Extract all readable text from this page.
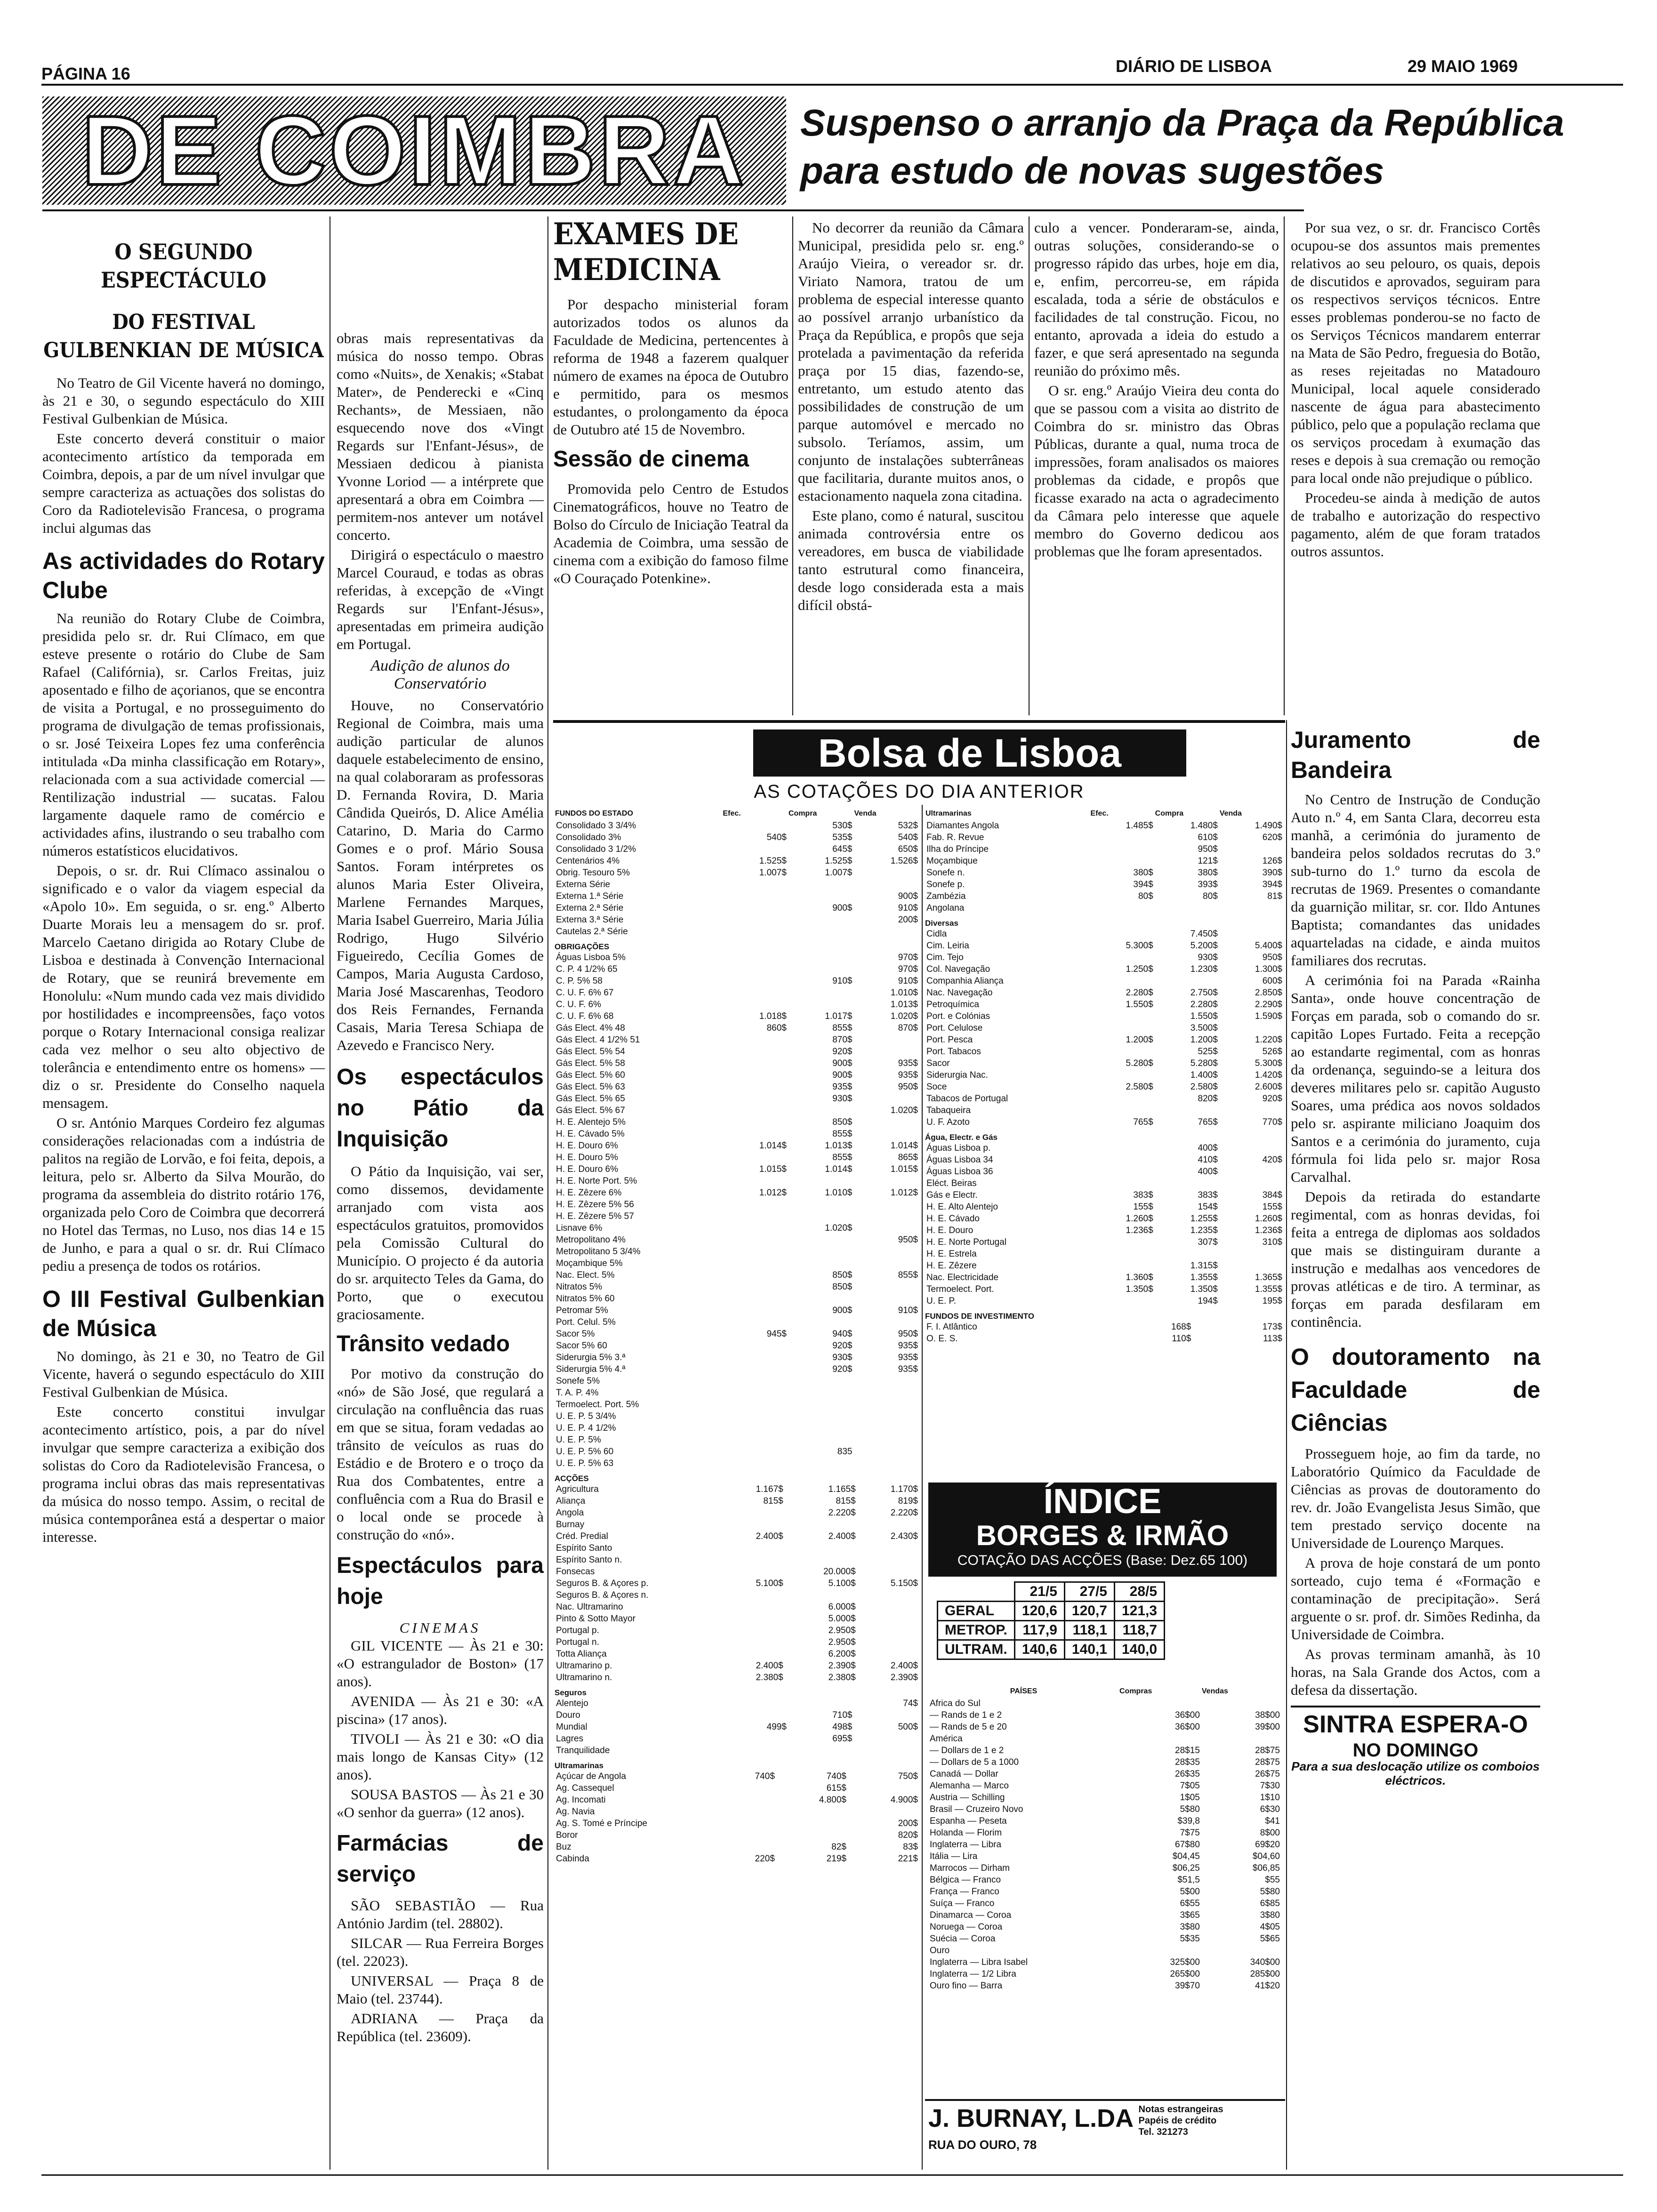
PÁGINA 16	DIÁRIO DE LISBOA	29 MAIO 1969
DE COIMBRA	Suspenso o arranjo da Praça da República
para estudo de novas sugestões
O SEGUNDO ESPECTÁCULO
DO FESTIVAL GULBENKIAN DE MÚSICA

No Teatro de Gil Vicente haverá no domingo, às 21 e 30, o segundo espectáculo do XIII Festival Gulbenkian de Música.

Este concerto deverá constituir o maior acontecimento artístico da temporada em Coimbra, depois, a par de um nível invulgar que sempre caracteriza as actuações dos solistas do Coro da Radiotelevisão Francesa, o programa inclui algumas das

As actividades do Rotary Clube

Na reunião do Rotary Clube de Coimbra, presidida pelo sr. dr. Rui Clímaco, em que esteve presente o rotário do Clube de Sam Rafael (Califórnia), sr. Carlos Freitas, juiz aposentado e filho de açorianos, que se encontra de visita a Portugal, e no prosseguimento do programa de divulgação de temas profissionais, o sr. José Teixeira Lopes fez uma conferência intitulada «Da minha classificação em Rotary», relacionada com a sua actividade comercial — Rentilização industrial — sucatas. Falou largamente daquele ramo de comércio e actividades afins, ilustrando o seu trabalho com números estatísticos elucidativos.

Depois, o sr. dr. Rui Clímaco assinalou o significado e o valor da viagem especial da «Apolo 10». Em seguida, o sr. eng.º Alberto Duarte Morais leu a mensagem do sr. prof. Marcelo Caetano dirigida ao Rotary Clube de Lisboa e destinada à Convenção Internacional de Rotary, que se reunirá brevemente em Honolulu: «Num mundo cada vez mais dividido por hostilidades e incompreensões, faço votos porque o Rotary Internacional consiga realizar cada vez melhor o seu alto objectivo de tolerância e entendimento entre os homens» — diz o sr. Presidente do Conselho naquela mensagem.

O sr. António Marques Cordeiro fez algumas considerações relacionadas com a indústria de palitos na região de Lorvão, e foi feita, depois, a leitura, pelo sr. Alberto da Silva Mourão, do programa da assembleia do distrito rotário 176, organizada pelo Coro de Coimbra que decorrerá no Hotel das Termas, no Luso, nos dias 14 e 15 de Junho, e para a qual o sr. dr. Rui Clímaco pediu a presença de todos os rotários.

O III Festival Gulbenkian de Música

No domingo, às 21 e 30, no Teatro de Gil Vicente, haverá o segundo espectáculo do XIII Festival Gulbenkian de Música.

Este concerto constitui invulgar acontecimento artístico, pois, a par do nível invulgar que sempre caracteriza a exibição dos solistas do Coro da Radiotelevisão Francesa, o programa inclui obras das mais representativas da música do nosso tempo. Assim, o recital de música contemporânea está a despertar o maior interesse.

obras mais representativas da música do nosso tempo. Obras como «Nuits», de Xenakis; «Stabat Mater», de Penderecki e «Cinq Rechants», de Messiaen, não esquecendo nove dos «Vingt Regards sur l'Enfant-Jésus», de Messiaen dedicou à pianista Yvonne Loriod — a intérprete que apresentará a obra em Coimbra — permitem-nos antever um notável concerto.

Dirigirá o espectáculo o maestro Marcel Couraud, e todas as obras referidas, à excepção de «Vingt Regards sur l'Enfant-Jésus», apresentadas em primeira audição em Portugal.

Audição de alunos do Conservatório

Houve, no Conservatório Regional de Coimbra, mais uma audição particular de alunos daquele estabelecimento de ensino, na qual colaboraram as professoras D. Fernanda Rovira, D. Maria Cândida Queirós, D. Alice Amélia Catarino, D. Maria do Carmo Gomes e o prof. Mário Sousa Santos. Foram intérpretes os alunos Maria Ester Oliveira, Marlene Fernandes Marques, Maria Isabel Guerreiro, Maria Júlia Rodrigo, Hugo Silvério Figueiredo, Cecília Gomes de Campos, Maria Augusta Cardoso, Maria José Mascarenhas, Teodoro dos Reis Fernandes, Fernanda Casais, Maria Teresa Schiapa de Azevedo e Francisco Nery.

Os espectáculos no Pátio da Inquisição

O Pátio da Inquisição, vai ser, como dissemos, devidamente arranjado com vista aos espectáculos gratuitos, promovidos pela Comissão Cultural do Município. O projecto é da autoria do sr. arquitecto Teles da Gama, do Porto, que o executou graciosamente.

Trânsito vedado

Por motivo da construção do «nó» de São José, que regulará a circulação na confluência das ruas em que se situa, foram vedadas ao trânsito de veículos as ruas do Estádio e de Brotero e o troço da Rua dos Combatentes, entre a confluência com a Rua do Brasil e o local onde se procede à construção do «nó».

Espectáculos para hoje
CINEMAS

GIL VICENTE — Às 21 e 30: «O estrangulador de Boston» (17 anos).

AVENIDA — Às 21 e 30: «A piscina» (17 anos).

TIVOLI — Às 21 e 30: «O dia mais longo de Kansas City» (12 anos).

SOUSA BASTOS — Às 21 e 30 «O senhor da guerra» (12 anos).

Farmácias de serviço

SÃO SEBASTIÃO — Rua António Jardim (tel. 28802).

SILCAR — Rua Ferreira Borges (tel. 22023).

UNIVERSAL — Praça 8 de Maio (tel. 23744).

ADRIANA — Praça da República (tel. 23609).

EXAMES DE MEDICINA

Por despacho ministerial foram autorizados todos os alunos da Faculdade de Medicina, pertencentes à reforma de 1948 a fazerem qualquer número de exames na época de Outubro e permitido, para os mesmos estudantes, o prolongamento da época de Outubro até 15 de Novembro.

Sessão de cinema

Promovida pelo Centro de Estudos Cinematográficos, houve no Teatro de Bolso do Círculo de Iniciação Teatral da Academia de Coimbra, uma sessão de cinema com a exibição do famoso filme «O Couraçado Potenkine».

No decorrer da reunião da Câmara Municipal, presidida pelo sr. eng.º Araújo Vieira, o vereador sr. dr. Viriato Namora, tratou de um problema de especial interesse quanto ao possível arranjo urbanístico da Praça da República, e propôs que seja protelada a pavimentação da referida praça por 15 dias, fazendo-se, entretanto, um estudo atento das possibilidades de construção de um parque automóvel e mercado no subsolo. Teríamos, assim, um conjunto de instalações subterrâneas que facilitaria, durante muitos anos, o estacionamento naquela zona citadina.

Este plano, como é natural, suscitou animada controvérsia entre os vereadores, em busca de viabilidade tanto estrutural como financeira, desde logo considerada esta a mais difícil obstá-

culo a vencer. Ponderaram-se, ainda, outras soluções, considerando-se o progresso rápido das urbes, hoje em dia, e, enfim, percorreu-se, em rápida escalada, toda a série de obstáculos e facilidades de tal construção. Ficou, no entanto, aprovada a ideia do estudo a fazer, e que será apresentado na segunda reunião do próximo mês.

O sr. eng.º Araújo Vieira deu conta do que se passou com a visita ao distrito de Coimbra do sr. ministro das Obras Públicas, durante a qual, numa troca de impressões, foram analisados os maiores problemas da cidade, e propôs que ficasse exarado na acta o agradecimento da Câmara pelo interesse que aquele membro do Governo dedicou aos problemas que lhe foram apresentados.

Por sua vez, o sr. dr. Francisco Cortês ocupou-se dos assuntos mais prementes relativos ao seu pelouro, os quais, depois de discutidos e aprovados, seguiram para os respectivos serviços técnicos. Entre esses problemas ponderou-se no facto de os Serviços Técnicos mandarem enterrar na Mata de São Pedro, freguesia do Botão, as reses rejeitadas no Matadouro Municipal, local aquele considerado nascente de água para abastecimento público, pelo que a população reclama que os serviços procedam à exumação das reses e depois à sua cremação ou remoção para local onde não prejudique o público.

Procedeu-se ainda à medição de autos de trabalho e autorização do respectivo pagamento, além de que foram tratados outros assuntos.

Juramento de Bandeira

No Centro de Instrução de Condução Auto n.º 4, em Santa Clara, decorreu esta manhã, a cerimónia do juramento de bandeira pelos soldados recrutas do 3.º sub-turno do 1.º turno da escola de recrutas de 1969. Presentes o comandante da guarnição militar, sr. cor. Ildo Antunes Baptista; comandantes das unidades aquarteladas na cidade, e ainda muitos familiares dos recrutas.

A cerimónia foi na Parada «Rainha Santa», onde houve concentração de Forças em parada, sob o comando do sr. capitão Lopes Furtado. Feita a recepção ao estandarte regimental, com as honras da ordenança, seguindo-se a leitura dos deveres militares pelo sr. capitão Augusto Soares, uma prédica aos novos soldados pelo sr. aspirante miliciano Joaquim dos Santos e a cerimónia do juramento, cuja fórmula foi lida pelo sr. major Rosa Carvalhal.

Depois da retirada do estandarte regimental, com as honras devidas, foi feita a entrega de diplomas aos soldados que mais se distinguiram durante a instrução e medalhas aos vencedores de provas atléticas e de tiro. A terminar, as forças em parada desfilaram em continência.

O doutoramento na Faculdade de Ciências

Prosseguem hoje, ao fim da tarde, no Laboratório Químico da Faculdade de Ciências as provas de doutoramento do rev. dr. João Evangelista Jesus Simão, que tem prestado serviço docente na Universidade de Lourenço Marques.

A prova de hoje constará de um ponto sorteado, cujo tema é «Formação e contaminação de precipitação». Será arguente o sr. prof. dr. Simões Redinha, da Universidade de Coimbra.

As provas terminam amanhã, às 10 horas, na Sala Grande dos Actos, com a defesa da dissertação.

SINTRA ESPERA-O
NO DOMINGO
Para a sua deslocação utilize os comboios eléctricos.
Bolsa de Lisboa
AS COTAÇÕES DO DIA ANTERIOR
FUNDOS DO ESTADO	Efec.	Compra	Venda
Consolidado 3 3/4%		530$	532$
Consolidado 3%	540$	535$	540$
Consolidado 3 1/2%		645$	650$
Centenários 4%	1.525$	1.525$	1.526$
Obrig. Tesouro 5%	1.007$	1.007$	
Externa Série			
Externa 1.ª Série			900$
Externa 2.ª Série		900$	910$
Externa 3.ª Série			200$
Cautelas 2.ª Série			
OBRIGAÇÕES
Águas Lisboa 5%			970$
C. P. 4 1/2% 65			970$
C. P. 5% 58		910$	910$
C. U. F. 6% 67			1.010$
C. U. F. 6%			1.013$
C. U. F. 6% 68	1.018$	1.017$	1.020$
Gás Elect. 4% 48	860$	855$	870$
Gás Elect. 4 1/2% 51		870$	
Gás Elect. 5% 54		920$	
Gás Elect. 5% 58		900$	935$
Gás Elect. 5% 60		900$	935$
Gás Elect. 5% 63		935$	950$
Gás Elect. 5% 65		930$	
Gás Elect. 5% 67			1.020$
H. E. Alentejo 5%		850$	
H. E. Cávado 5%		855$	
H. E. Douro 6%	1.014$	1.013$	1.014$
H. E. Douro 5%		855$	865$
H. E. Douro 6%	1.015$	1.014$	1.015$
H. E. Norte Port. 5%			
H. E. Zêzere 6%	1.012$	1.010$	1.012$
H. E. Zêzere 5% 56			
H. E. Zêzere 5% 57			
Lisnave 6%		1.020$	
Metropolitano 4%			950$
Metropolitano 5 3/4%			
Moçambique 5%			
Nac. Elect. 5%		850$	855$
Nitratos 5%		850$	
Nitratos 5% 60			
Petromar 5%		900$	910$
Port. Celul. 5%			
Sacor 5%	945$	940$	950$
Sacor 5% 60		920$	935$
Siderurgia 5% 3.ª		930$	935$
Siderurgia 5% 4.ª		920$	935$
Sonefe 5%			
T. A. P. 4%			
Termoelect. Port. 5%			
U. E. P. 5 3/4%			
U. E. P. 4 1/2%			
U. E. P. 5%			
U. E. P. 5% 60		835	
U. E. P. 5% 63			
ACÇÕES
Agricultura	1.167$	1.165$	1.170$
Aliança	815$	815$	819$
Angola		2.220$	2.220$
Burnay			
Créd. Predial	2.400$	2.400$	2.430$
Espírito Santo			
Espírito Santo n.			
Fonsecas		20.000$	
Seguros B. & Açores p.	5.100$	5.100$	5.150$
Seguros B. & Açores n.			
Nac. Ultramarino		6.000$	
Pinto & Sotto Mayor		5.000$	
Portugal p.		2.950$	
Portugal n.		2.950$	
Totta Aliança		6.200$	
Ultramarino p.	2.400$	2.390$	2.400$
Ultramarino n.	2.380$	2.380$	2.390$
Seguros
Alentejo			74$
Douro		710$	
Mundial	499$	498$	500$
Lagres		695$	
Tranquilidade			
Ultramarinas
Açúcar de Angola	740$	740$	750$
Ag. Cassequel		615$	
Ag. Incomati		4.800$	4.900$
Ag. Navia			
Ag. S. Tomé e Príncipe			200$
Boror			820$
Buz		82$	83$
Cabinda	220$	219$	221$
Ultramarinas	Efec.	Compra	Venda
Diamantes Angola	1.485$	1.480$	1.490$
Fab. R. Revue		610$	620$
Ilha do Príncipe		950$	
Moçambique		121$	126$
Sonefe n.	380$	380$	390$
Sonefe p.	394$	393$	394$
Zambézia	80$	80$	81$
Angolana			
Diversas
Cidla		7.450$	
Cim. Leiria	5.300$	5.200$	5.400$
Cim. Tejo		930$	950$
Col. Navegação	1.250$	1.230$	1.300$
Companhia Aliança			600$
Nac. Navegação	2.280$	2.750$	2.850$
Petroquímica	1.550$	2.280$	2.290$
Port. e Colónias		1.550$	1.590$
Port. Celulose		3.500$	
Port. Pesca	1.200$	1.200$	1.220$
Port. Tabacos		525$	526$
Sacor	5.280$	5.280$	5.300$
Siderurgia Nac.		1.400$	1.420$
Soce	2.580$	2.580$	2.600$
Tabacos de Portugal		820$	920$
Tabaqueira			
U. F. Azoto	765$	765$	770$
Água, Electr. e Gás
Águas Lisboa p.		400$	
Águas Lisboa 34		410$	420$
Águas Lisboa 36		400$	
Eléct. Beiras			
Gás e Electr.	383$	383$	384$
H. E. Alto Alentejo	155$	154$	155$
H. E. Cávado	1.260$	1.255$	1.260$
H. E. Douro	1.236$	1.235$	1.236$
H. E. Norte Portugal		307$	310$
H. E. Estrela			
H. E. Zêzere		1.315$	
Nac. Electricidade	1.360$	1.355$	1.365$
Termoelect. Port.	1.350$	1.350$	1.355$
U. E. P.		194$	195$
FUNDOS DE INVESTIMENTO
F. I. Atlântico		168$	173$
O. E. S.		110$	113$
ÍNDICE
BORGES & IRMÃO
COTAÇÃO DAS ACÇÕES (Base: Dez.65 100)
	21/5	27/5	28/5
GERAL	120,6	120,7	121,3
METROP.	117,9	118,1	118,7
ULTRAM.	140,6	140,1	140,0
PAÍSES	Compras	Vendas
Africa do Sul		
— Rands de 1 e 2	36$00	38$00
— Rands de 5 e 20	36$00	39$00
América		
— Dollars de 1 e 2	28$15	28$75
— Dollars de 5 a 1000	28$35	28$75
Canadá — Dollar	26$35	26$75
Alemanha — Marco	7$05	7$30
Austria — Schilling	1$05	1$10
Brasil — Cruzeiro Novo	5$80	6$30
Espanha — Peseta	$39,8	$41
Holanda — Florim	7$75	8$00
Inglaterra — Libra	67$80	69$20
Itália — Lira	$04,45	$04,60
Marrocos — Dirham	$06,25	$06,85
Bélgica — Franco	$51,5	$55
França — Franco	5$00	5$80
Suíça — Franco	6$55	6$85
Dinamarca — Coroa	3$65	3$80
Noruega — Coroa	3$80	4$05
Suécia — Coroa	5$35	5$65
Ouro		
Inglaterra — Libra Isabel	325$00	340$00
Inglaterra — 1/2 Libra	265$00	285$00
Ouro fino — Barra	39$70	41$20
J. BURNAY, L.DA Notas estrangeiras
Papéis de crédito
Tel. 321273
RUA DO OURO, 78
